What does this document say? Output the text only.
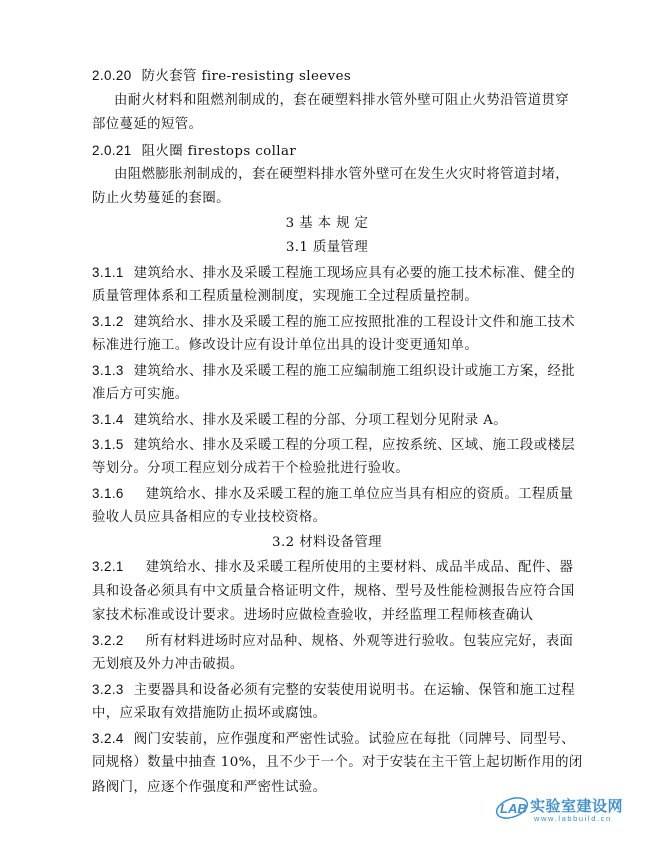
2.0.20 防火套管 fire-resisting sleeves
由耐火材料和阻燃剂制成的，套在硬塑料排水管外壁可阻止火势沿管道贯穿
部位蔓延的短管。
2.0.21 阻火圈 firestops collar
由阻燃膨胀剂制成的，套在硬塑料排水管外壁可在发生火灾时将管道封堵，
防止火势蔓延的套圈。
3 基 本 规 定
3.1 质量管理
3.1.1 建筑给水、排水及采暖工程施工现场应具有必要的施工技术标准、健全的
质量管理体系和工程质量检测制度，实现施工全过程质量控制。
3.1.2 建筑给水、排水及采暖工程的施工应按照批准的工程设计文件和施工技术
标准进行施工。修改设计应有设计单位出具的设计变更通知单。
3.1.3 建筑给水、排水及采暖工程的施工应编制施工组织设计或施工方案，经批
准后方可实施。
3.1.4 建筑给水、排水及采暖工程的分部、分项工程划分见附录 A。
3.1.5 建筑给水、排水及采暖工程的分项工程，应按系统、区域、施工段或楼层
等划分。分项工程应划分成若干个检验批进行验收。
3.1.6 建筑给水、排水及采暖工程的施工单位应当具有相应的资质。工程质量
验收人员应具备相应的专业技校资格。
3.2 材料设备管理
3.2.1 建筑给水、排水及采暖工程所使用的主要材料、成品半成品、配件、器
具和设备必须具有中文质量合格证明文件，规格、型号及性能检测报告应符合国
家技术标准或设计要求。进场时应做检查验收，并经监理工程师核查确认
3.2.2 所有材料进场时应对品种、规格、外观等进行验收。包装应完好，表面
无划痕及外力冲击破损。
3.2.3 主要器具和设备必须有完整的安装使用说明书。在运输、保管和施工过程
中，应采取有效措施防止损坏或腐蚀。
3.2.4 阀门安装前，应作强度和严密性试验。试验应在每批（同牌号、同型号、
同规格）数量中抽查 10%，且不少于一个。对于安装在主干管上起切断作用的闭
路阀门，应逐个作强度和严密性试验。
LAB 实验室建设网
www.labbuild.cn
